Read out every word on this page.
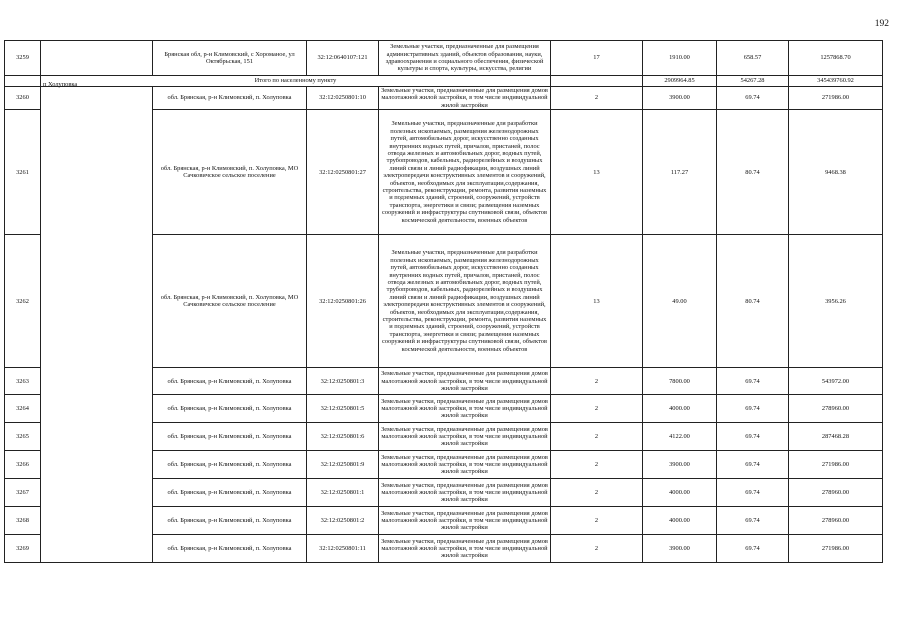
192
3259		Брянская обл, р-н Климовский, с Хороманое, ул Октябрьская, 151	32:12:0640107:121	Земельные участки, предназначенные для размещения административных зданий, объектов образования, науки, здравоохранения и социального обеспечения, физической культуры и спорта, культуры, искусства, религии	17	1910.00	658.57	1257868.70
	Итого по населенному пункту					2909964.85	54267.28	345439760.92
3260	п Холуповка	обл. Брянская, р-н Климовский, п. Холуповка	32:12:0250801:10	Земельные участки, предназначенные для размещения домов малоэтажной жилой застройки, в том числе индивидуальной жилой застройки	2	3900.00	69.74	271986.00
3261		обл. Брянская, р-н Климовский, п. Холуповка, МО Сачковичское сельское поселение	32:12:0250801:27	Земельные участки, предназначенные для разработки полезных ископаемых, размещения железнодорожных путей, автомобильных дорог, искусственно созданных внутренних водных путей, причалов, пристаней, полос отвода железных и автомобильных дорог, водных путей, трубопроводов, кабельных, радиорелейных и воздушных линий связи и линий радиофикации, воздушных линий электропередачи конструктивных элементов и сооружений, объектов, необходимых для эксплуатации,содержания, строительства, реконструкции, ремонта, развития наземных и подземных зданий, строений, сооружений, устройств транспорта, энергетики и связи; размещения наземных сооружений и инфраструктуры спутниковой связи, объектов космической деятельности, военных объектов	13	117.27	80.74	9468.38
3262		обл. Брянская, р-н Климовский, п. Холуповка, МО Сачковичское сельское поселение	32:12:0250801:26	Земельные участки, предназначенные для разработки полезных ископаемых, размещения железнодорожных путей, автомобильных дорог, искусственно созданных внутренних водных путей, причалов, пристаней, полос отвода железных и автомобильных дорог, водных путей, трубопроводов, кабельных, радиорелейных и воздушных линий связи и линий радиофикации, воздушных линий электропередачи конструктивных элементов и сооружений, объектов, необходимых для эксплуатации,содержания, строительства, реконструкции, ремонта, развития наземных и подземных зданий, строений, сооружений, устройств транспорта, энергетики и связи; размещения наземных сооружений и инфраструктуры спутниковой связи, объектов космической деятельности, военных объектов	13	49.00	80.74	3956.26
3263		обл. Брянская, р-н Климовский, п. Холуповка	32:12:0250801:3	Земельные участки, предназначенные для размещения домов малоэтажной жилой застройки, в том числе индивидуальной жилой застройки	2	7800.00	69.74	543972.00
3264		обл. Брянская, р-н Климовский, п. Холуповка	32:12:0250801:5	Земельные участки, предназначенные для размещения домов малоэтажной жилой застройки, в том числе индивидуальной жилой застройки	2	4000.00	69.74	278960.00
3265		обл. Брянская, р-н Климовский, п. Холуповка	32:12:0250801:6	Земельные участки, предназначенные для размещения домов малоэтажной жилой застройки, в том числе индивидуальной жилой застройки	2	4122.00	69.74	287468.28
3266		обл. Брянская, р-н Климовский, п. Холуповка	32:12:0250801:9	Земельные участки, предназначенные для размещения домов малоэтажной жилой застройки, в том числе индивидуальной жилой застройки	2	3900.00	69.74	271986.00
3267		обл. Брянская, р-н Климовский, п. Холуповка	32:12:0250801:1	Земельные участки, предназначенные для размещения домов малоэтажной жилой застройки, в том числе индивидуальной жилой застройки	2	4000.00	69.74	278960.00
3268		обл. Брянская, р-н Климовский, п. Холуповка	32:12:0250801:2	Земельные участки, предназначенные для размещения домов малоэтажной жилой застройки, в том числе индивидуальной жилой застройки	2	4000.00	69.74	278960.00
3269		обл. Брянская, р-н Климовский, п. Холуповка	32:12:0250801:11	Земельные участки, предназначенные для размещения домов малоэтажной жилой застройки, в том числе индивидуальной жилой застройки	2	3900.00	69.74	271986.00
